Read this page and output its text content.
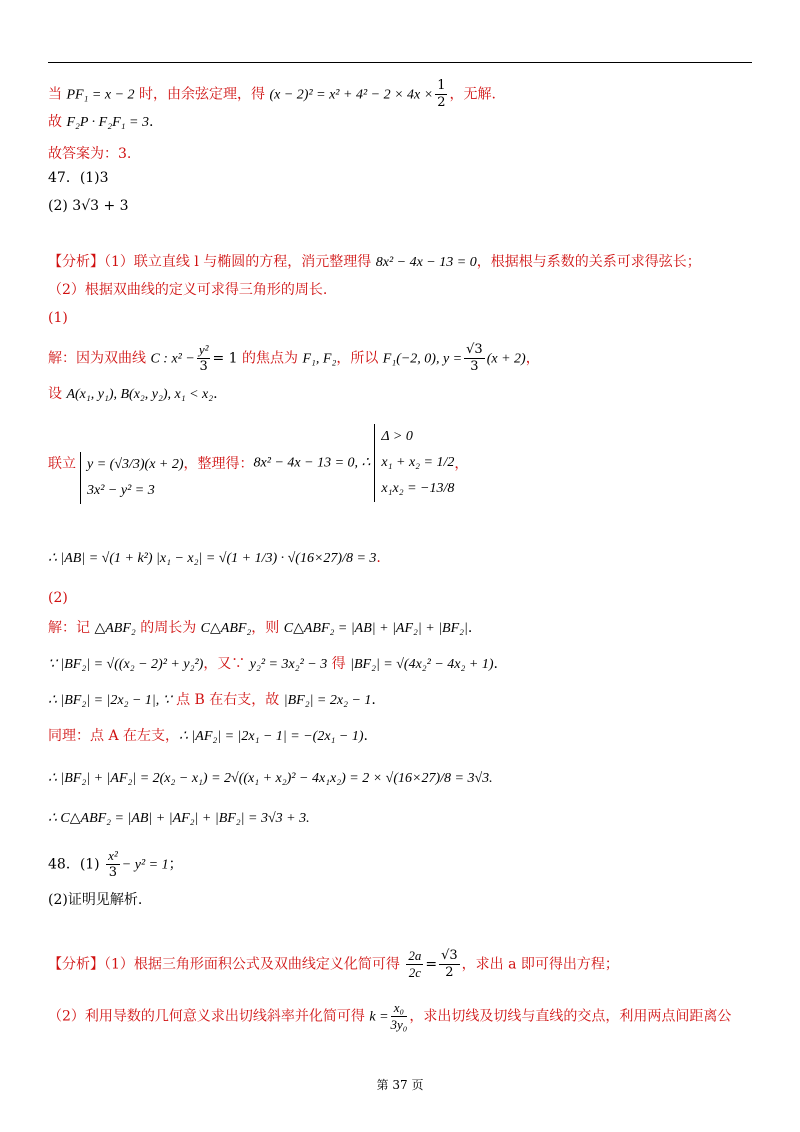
当 PF₁ = x − 2 时，由余弦定理，得 $(x - 2)^2 = x^2 + 4^2 - 2 \times 4x \times \frac{1}{2}$ ，无解.
故 F₂P · F₂F₁ = 3.
故答案为：3.
47．(1)3
(2) 3√3 + 3
【分析】（1）联立直线 l 与椭圆的方程，消元整理得 8x² − 4x − 13 = 0，根据根与系数的关系可求得弦长；
（2）根据双曲线的定义可求得三角形的周长.
(1)
解：因为双曲线 C : $x^2 - \frac{\text{y²}}{3} = 1$ 的焦点为 F₁, F₂，所以 F₁(−2, 0), $y = \frac{√3}{3} (x + 2)$，
设 A(x₁, y₁), B(x₂, y₂), x₁ < x₂.
联立 y = (√3/3)(x + 2)
3x² − y² = 3
，整理得：8x² − 4x − 13 = 0, ∴
Δ > 0
x₁ + x₂ = 1/2
x₁x₂ = −13/8
，
∴ |AB| = √(1 + k²) |x₁ − x₂| = √(1 + 1/3) · √(16×27)/8 = 3.
(2)
解：记 △ABF₂ 的周长为 C△ABF₂，则 C△ABF₂ = |AB| + |AF₂| + |BF₂|.
∵ |BF₂| = √((x₂ − 2)² + y₂²)，又∵ y₂² = 3x₂² − 3 得 |BF₂| = √(4x₂² − 4x₂ + 1).
∴ |BF₂| = |2x₂ − 1|, ∵ 点 B 在右支，故 |BF₂| = 2x₂ − 1.
同理：点 A 在左支，∴ |AF₂| = |2x₁ − 1| = −(2x₁ − 1).
∴ |BF₂| + |AF₂| = 2(x₂ − x₁) = 2√((x₁ + x₂)² − 4x₁x₂) = 2 × √(16×27)/8 = 3√3.
∴ C△ABF₂ = |AB| + |AF₂| + |BF₂| = 3√3 + 3.
48．$(1) \frac{\text{x²}}{3} - y^2 = 1$；
(2)证明见解析.
【分析】（1）根据三角形面积公式及双曲线定义化简可得 $\frac{2a}{2c} = \frac{√3}{2}$ ，求出 a 即可得出方程；
（2）利用导数的几何意义求出切线斜率并化简可得 $k = \frac{\text{x₀}}{\text{3y₀}}$ ，求出切线及切线与直线的交点，利用两点间距离公
第 37 页
